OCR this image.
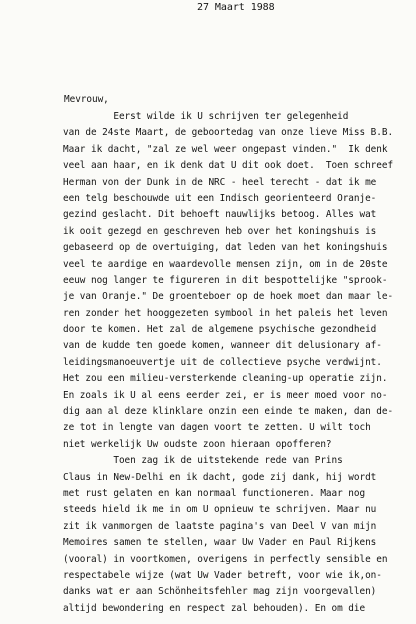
27 Maart 1988
Mevrouw,
Eerst wilde ik U schrijven ter gelegenheid
van de 24ste Maart, de geboortedag van onze lieve Miss B.B.
Maar ik dacht, "zal ze wel weer ongepast vinden."  Ik denk
veel aan haar, en ik denk dat U dit ook doet.  Toen schreef
Herman von der Dunk in de NRC - heel terecht - dat ik me
een telg beschouwde uit een Indisch georienteerd Oranje-
gezind geslacht. Dit behoeft nauwlijks betoog. Alles wat
ik ooit gezegd en geschreven heb over het koningshuis is
gebaseerd op de overtuiging, dat leden van het koningshuis
veel te aardige en waardevolle mensen zijn, om in de 20ste
eeuw nog langer te figureren in dit bespottelijke "sprook-
je van Oranje." De groenteboer op de hoek moet dan maar le-
ren zonder het hooggezeten symbool in het paleis het leven
door te komen. Het zal de algemene psychische gezondheid
van de kudde ten goede komen, wanneer dit delusionary af-
leidingsmanoeuvertje uit de collectieve psyche verdwijnt.
Het zou een milieu-versterkende cleaning-up operatie zijn.
En zoals ik U al eens eerder zei, er is meer moed voor no-
dig aan al deze klinklare onzin een einde te maken, dan de-
ze tot in lengte van dagen voort te zetten. U wilt toch
niet werkelijk Uw oudste zoon hieraan opofferen?
Toen zag ik de uitstekende rede van Prins
Claus in New-Delhi en ik dacht, gode zij dank, hij wordt
met rust gelaten en kan normaal functioneren. Maar nog
steeds hield ik me in om U opnieuw te schrijven. Maar nu
zit ik vanmorgen de laatste pagina's van Deel V van mijn
Memoires samen te stellen, waar Uw Vader en Paul Rijkens
(vooral) in voortkomen, overigens in perfectly sensible en
respectabele wijze (wat Uw Vader betreft, voor wie ik,on-
danks wat er aan Schönheitsfehler mag zijn voorgevallen)
altijd bewondering en respect zal behouden). En om die
